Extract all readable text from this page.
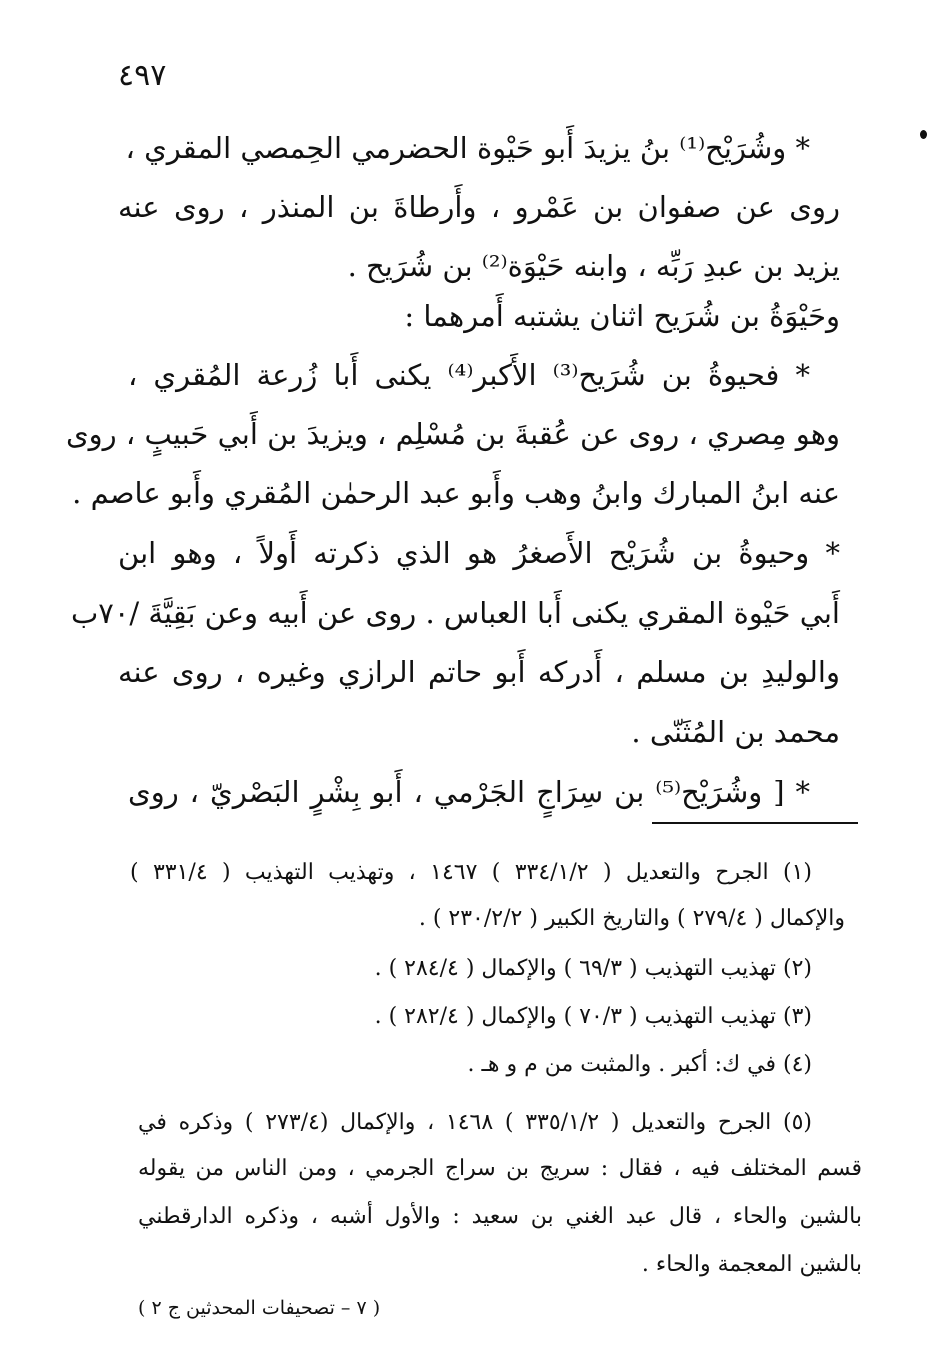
٤٩٧
* وشُرَيْح⁽¹⁾ بنُ يزيدَ أَبو حَيْوة الحضرمي الحِمصي المقري ،
روى عن صفوان بن عَمْرو ، وأَرطاةَ بن المنذر ، روى عنه
يزيد بن عبدِ رَبِّه ، وابنه حَيْوَة⁽²⁾ بن شُرَيح .
وحَيْوَةُ بن شُرَيح اثنان يشتبه أَمرهما :
* فحيوةُ بن شُرَيح⁽³⁾ الأَكبر⁽⁴⁾ يكنى أَبا زُرعة المُقري ،
وهو مِصري ، روى عن عُقبةَ بن مُسْلِم ، ويزيدَ بن أَبي حَبيبٍ ، روى
عنه ابنُ المبارك وابنُ وهب وأَبو عبد الرحمٰن المُقري وأَبو عاصم .
* وحيوةُ بن شُرَيْح الأَصغرُ هو الذي ذكرته أَولاً ، وهو ابن
أَبي حَيْوة المقري يكنى أَبا العباس . روى عن أَبيه وعن بَقِيَّةَ /٧٠ب
والوليدِ بن مسلم ، أَدركه أَبو حاتم الرازي وغيره ، روى عنه
محمد بن المُثَنّى .
* [ وشُرَيْح⁽⁵⁾ بن سِرَاجٍ الجَرْمي ، أَبو بِشْرٍ البَصْريّ ، روى
(١) الجرح والتعديل ( ٣٣٤/١/٢ ) ١٤٦٧ ، وتهذيب التهذيب ( ٣٣١/٤ )
والإكمال ( ٢٧٩/٤ ) والتاريخ الكبير ( ٢٣٠/٢/٢ ) .
(٢) تهذيب التهذيب ( ٦٩/٣ ) والإكمال ( ٢٨٤/٤ ) .
(٣) تهذيب التهذيب ( ٧٠/٣ ) والإكمال ( ٢٨٢/٤ ) .
(٤) في ك: أكبر . والمثبت من م و هـ .
(٥) الجرح والتعديل ( ٣٣٥/١/٢ ) ١٤٦٨ ، والإكمال (٢٧٣/٤ ) وذكره في
قسم المختلف فيه ، فقال : سريج بن سراج الجرمي ، ومن الناس من يقوله
بالشين والحاء ، قال عبد الغني بن سعيد : والأول أشبه ، وذكره الدارقطني
بالشين المعجمة والحاء .
( ٧ – تصحيفات المحدثين ج ٢ )
